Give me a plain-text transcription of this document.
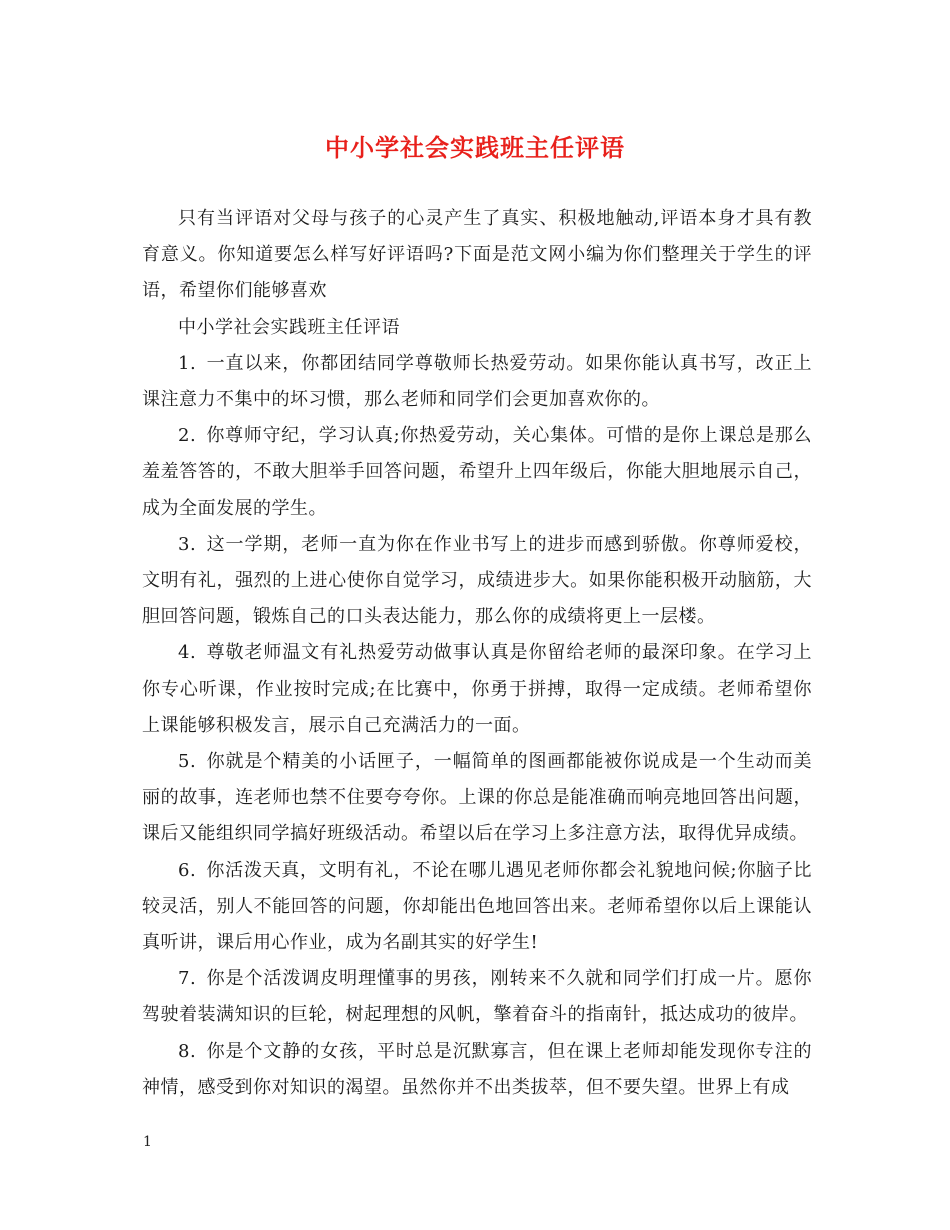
中小学社会实践班主任评语

只有当评语对父母与孩子的心灵产生了真实、积极地触动,评语本身才具有教育意义。你知道要怎么样写好评语吗?下面是范文网小编为你们整理关于学生的评语，希望你们能够喜欢

中小学社会实践班主任评语

1. 一直以来，你都团结同学尊敬师长热爱劳动。如果你能认真书写，改正上课注意力不集中的坏习惯，那么老师和同学们会更加喜欢你的。

2. 你尊师守纪，学习认真;你热爱劳动，关心集体。可惜的是你上课总是那么羞羞答答的，不敢大胆举手回答问题，希望升上四年级后，你能大胆地展示自己，成为全面发展的学生。

3. 这一学期，老师一直为你在作业书写上的进步而感到骄傲。你尊师爱校，文明有礼，强烈的上进心使你自觉学习，成绩进步大。如果你能积极开动脑筋，大胆回答问题，锻炼自己的口头表达能力，那么你的成绩将更上一层楼。

4. 尊敬老师温文有礼热爱劳动做事认真是你留给老师的最深印象。在学习上你专心听课，作业按时完成;在比赛中，你勇于拼搏，取得一定成绩。老师希望你上课能够积极发言，展示自己充满活力的一面。

5. 你就是个精美的小话匣子，一幅简单的图画都能被你说成是一个生动而美丽的故事，连老师也禁不住要夸夸你。上课的你总是能准确而响亮地回答出问题，课后又能组织同学搞好班级活动。希望以后在学习上多注意方法，取得优异成绩。

6. 你活泼天真，文明有礼，不论在哪儿遇见老师你都会礼貌地问候;你脑子比较灵活，别人不能回答的问题，你却能出色地回答出来。老师希望你以后上课能认真听讲，课后用心作业，成为名副其实的好学生!

7. 你是个活泼调皮明理懂事的男孩，刚转来不久就和同学们打成一片。愿你驾驶着装满知识的巨轮，树起理想的风帆，擎着奋斗的指南针，抵达成功的彼岸。

8. 你是个文静的女孩，平时总是沉默寡言，但在课上老师却能发现你专注的神情，感受到你对知识的渴望。虽然你并不出类拔萃，但不要失望。世界上有成

1
